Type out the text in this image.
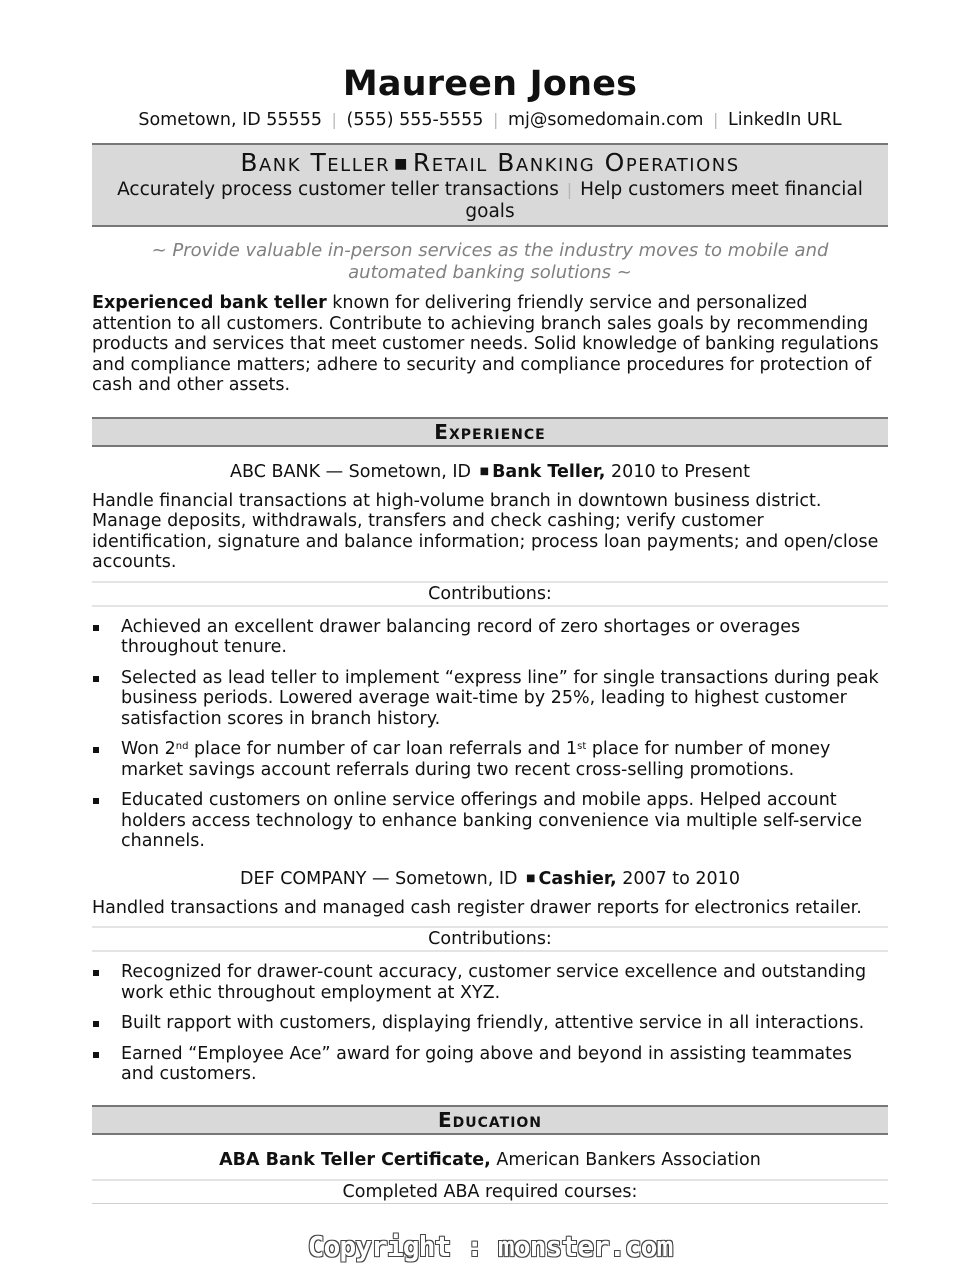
Maureen Jones
Sometown, ID 55555 | (555) 555-5555 | mj@somedomain.com | LinkedIn URL
Bank Teller ■ Retail Banking Operations
Accurately process customer teller transactions | Help customers meet financial goals
~ Provide valuable in-person services as the industry moves to mobile and automated banking solutions ~
Experienced bank teller known for delivering friendly service and personalized attention to all customers. Contribute to achieving branch sales goals by recommending products and services that meet customer needs. Solid knowledge of banking regulations and compliance matters; adhere to security and compliance procedures for protection of cash and other assets.
Experience
ABC BANK — Sometown, ID ■ Bank Teller, 2010 to Present
Handle financial transactions at high-volume branch in downtown business district. Manage deposits, withdrawals, transfers and check cashing; verify customer identification, signature and balance information; process loan payments; and open/close accounts.
Contributions:
Achieved an excellent drawer balancing record of zero shortages or overages throughout tenure.
Selected as lead teller to implement “express line” for single transactions during peak business periods. Lowered average wait-time by 25%, leading to highest customer satisfaction scores in branch history.
Won 2nd place for number of car loan referrals and 1st place for number of money market savings account referrals during two recent cross-selling promotions.
Educated customers on online service offerings and mobile apps. Helped account holders access technology to enhance banking convenience via multiple self-service channels.
DEF COMPANY — Sometown, ID ■ Cashier, 2007 to 2010
Handled transactions and managed cash register drawer reports for electronics retailer.
Contributions:
Recognized for drawer-count accuracy, customer service excellence and outstanding work ethic throughout employment at XYZ.
Built rapport with customers, displaying friendly, attentive service in all interactions.
Earned “Employee Ace” award for going above and beyond in assisting teammates and customers.
Education
ABA Bank Teller Certificate, American Bankers Association
Completed ABA required courses:
Copyright : monster.com
